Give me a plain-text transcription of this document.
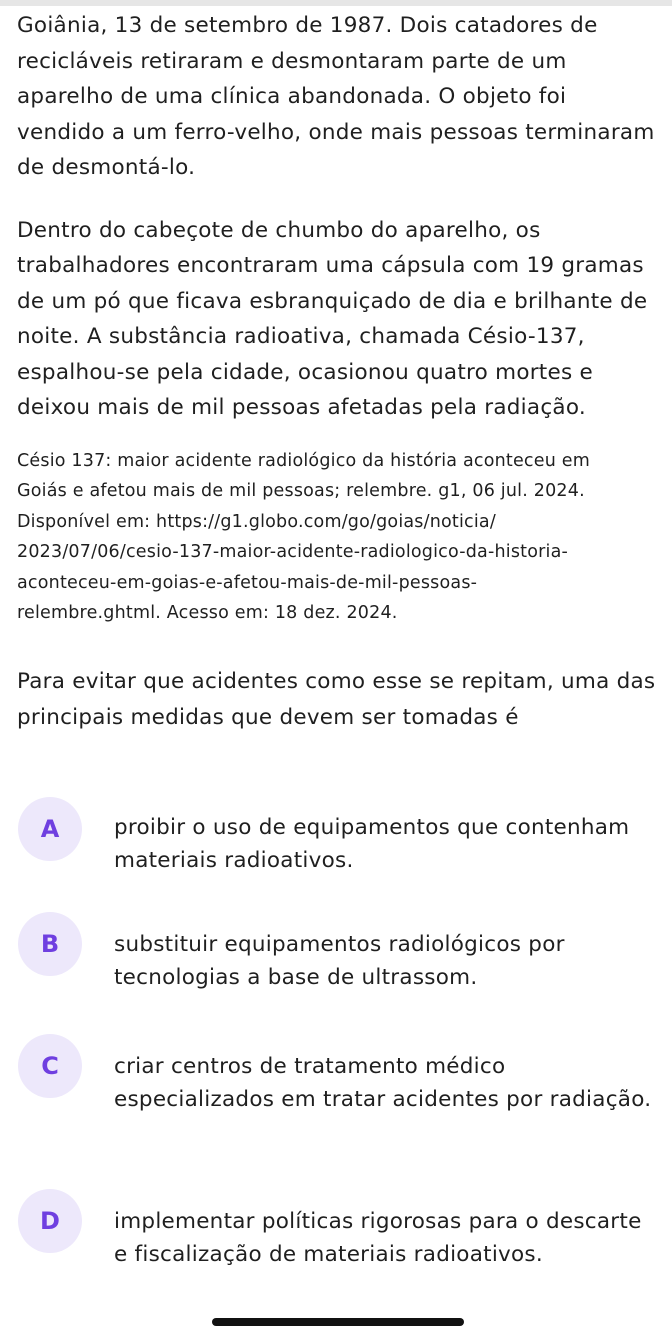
Goiânia, 13 de setembro de 1987. Dois catadores de recicláveis retiraram e desmontaram parte de um aparelho de uma clínica abandonada. O objeto foi vendido a um ferro-velho, onde mais pessoas terminaram de desmontá-lo.

Dentro do cabeçote de chumbo do aparelho, os trabalhadores encontraram uma cápsula com 19 gramas de um pó que ficava esbranquiçado de dia e brilhante de noite. A substância radioativa, chamada Césio-137, espalhou-se pela cidade, ocasionou quatro mortes e deixou mais de mil pessoas afetadas pela radiação.

Césio 137: maior acidente radiológico da história aconteceu em
Goiás e afetou mais de mil pessoas; relembre. g1, 06 jul. 2024.
Disponível em: https://g1.globo.com/go/goias/noticia/
2023/07/06/cesio-137-maior-acidente-radiologico-da-historia-
aconteceu-em-goias-e-afetou-mais-de-mil-pessoas-
relembre.ghtml. Acesso em: 18 dez. 2024.

Para evitar que acidentes como esse se repitam, uma das principais medidas que devem ser tomadas é

A	proibir o uso de equipamentos que contenham materiais radioativos.
B	substituir equipamentos radiológicos por tecnologias a base de ultrassom.
C	criar centros de tratamento médico especializados em tratar acidentes por radiação.
D	implementar políticas rigorosas para o descarte e fiscalização de materiais radioativos.
